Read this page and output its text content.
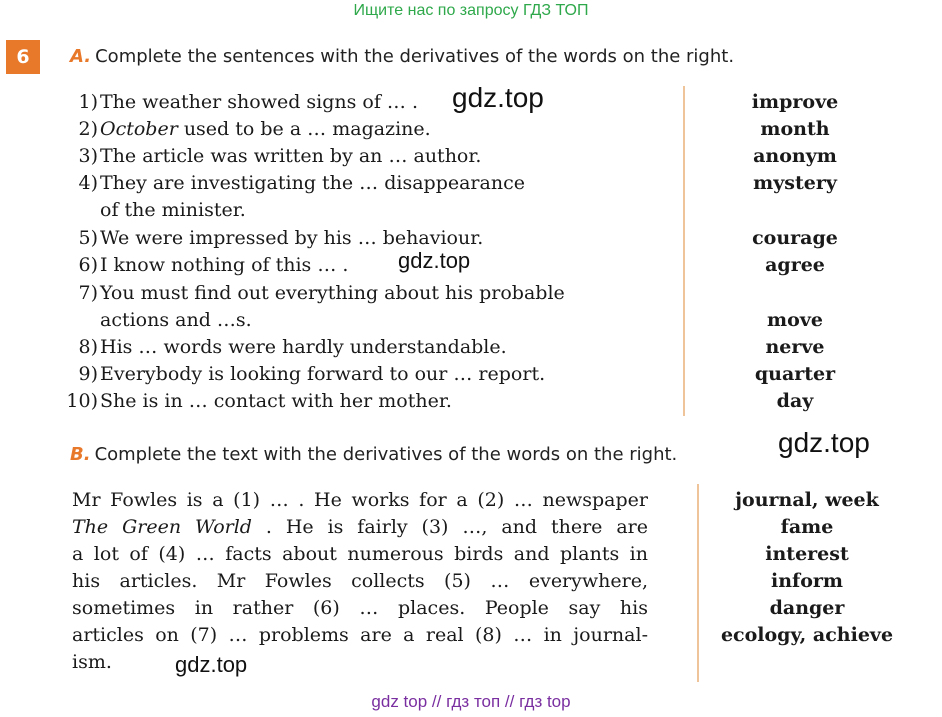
Ищите нас по запросу ГДЗ ТОП
6	A. Complete the sentences with the derivatives of the words on the right.
1) The weather showed signs of … .
2) October used to be a … magazine.
3) The article was written by an … author.
4) They are investigating the … disappearance
of the minister.
5) We were impressed by his … behaviour.
6) I know nothing of this … .
7) You must find out everything about his probable
actions and …s.
8) His … words were hardly understandable.
9) Everybody is looking forward to our … report.
10) She is in … contact with her mother.
improve
month
anonym
mystery
courage
agree
move
nerve
quarter
day
B. Complete the text with the derivatives of the words on the right.
Mr Fowles is a (1) … . He works for a (2) … newspaper
The Green World . He is fairly (3) …, and there are
a lot of (4) … facts about numerous birds and plants in
his articles. Mr Fowles collects (5) … everywhere,
sometimes in rather (6) … places. People say his
articles on (7) … problems are a real (8) … in journal-
ism.
journal, week
fame
interest
inform
danger
ecology, achieve
gdz.top
gdz.top
gdz.top
gdz.top
gdz top // гдз топ // гдз top
